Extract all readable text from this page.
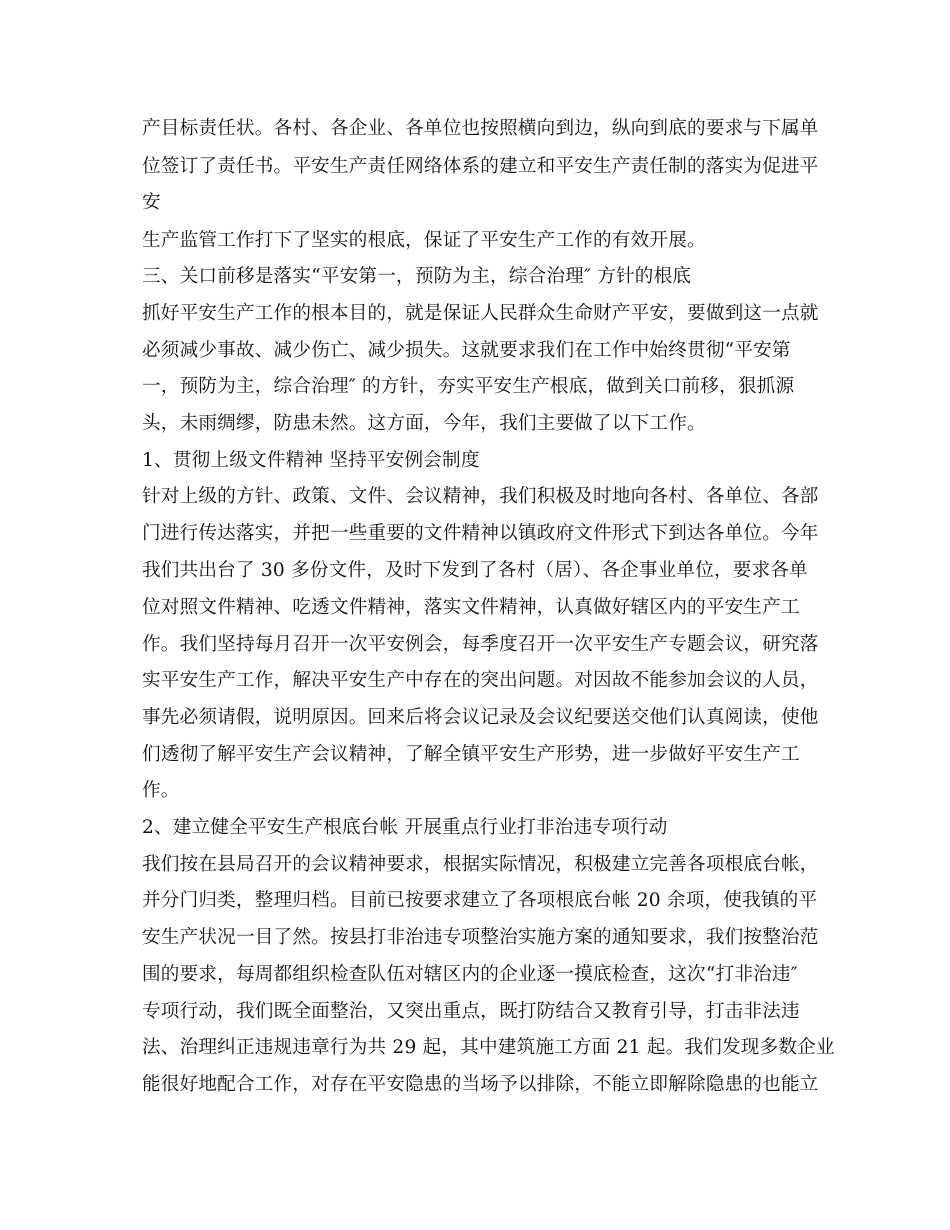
产目标责任状。各村、各企业、各单位也按照横向到边，纵向到底的要求与下属单
位签订了责任书。平安生产责任网络体系的建立和平安生产责任制的落实为促进平
安
生产监管工作打下了坚实的根底，保证了平安生产工作的有效开展。
三、关口前移是落实“平安第一，预防为主，综合治理″ 方针的根底
抓好平安生产工作的根本目的，就是保证人民群众生命财产平安，要做到这一点就
必须减少事故、减少伤亡、减少损失。这就要求我们在工作中始终贯彻“平安第
一，预防为主，综合治理″ 的方针，夯实平安生产根底，做到关口前移，狠抓源
头，未雨绸缪，防患未然。这方面，今年，我们主要做了以下工作。
1、贯彻上级文件精神 坚持平安例会制度
针对上级的方针、政策、文件、会议精神，我们积极及时地向各村、各单位、各部
门进行传达落实，并把一些重要的文件精神以镇政府文件形式下到达各单位。今年
我们共出台了 30 多份文件，及时下发到了各村（居）、各企事业单位，要求各单
位对照文件精神、吃透文件精神，落实文件精神，认真做好辖区内的平安生产工
作。我们坚持每月召开一次平安例会，每季度召开一次平安生产专题会议，研究落
实平安生产工作，解决平安生产中存在的突出问题。对因故不能参加会议的人员，
事先必须请假，说明原因。回来后将会议记录及会议纪要送交他们认真阅读，使他
们透彻了解平安生产会议精神，了解全镇平安生产形势，进一步做好平安生产工
作。
2、建立健全平安生产根底台帐 开展重点行业打非治违专项行动
我们按在县局召开的会议精神要求，根据实际情况，积极建立完善各项根底台帐，
并分门归类，整理归档。目前已按要求建立了各项根底台帐 20 余项，使我镇的平
安生产状况一目了然。按县打非治违专项整治实施方案的通知要求，我们按整治范
围的要求，每周都组织检查队伍对辖区内的企业逐一摸底检查，这次“打非治违″
专项行动，我们既全面整治，又突出重点，既打防结合又教育引导，打击非法违
法、治理纠正违规违章行为共 29 起，其中建筑施工方面 21 起。我们发现多数企业
能很好地配合工作，对存在平安隐患的当场予以排除，不能立即解除隐患的也能立
